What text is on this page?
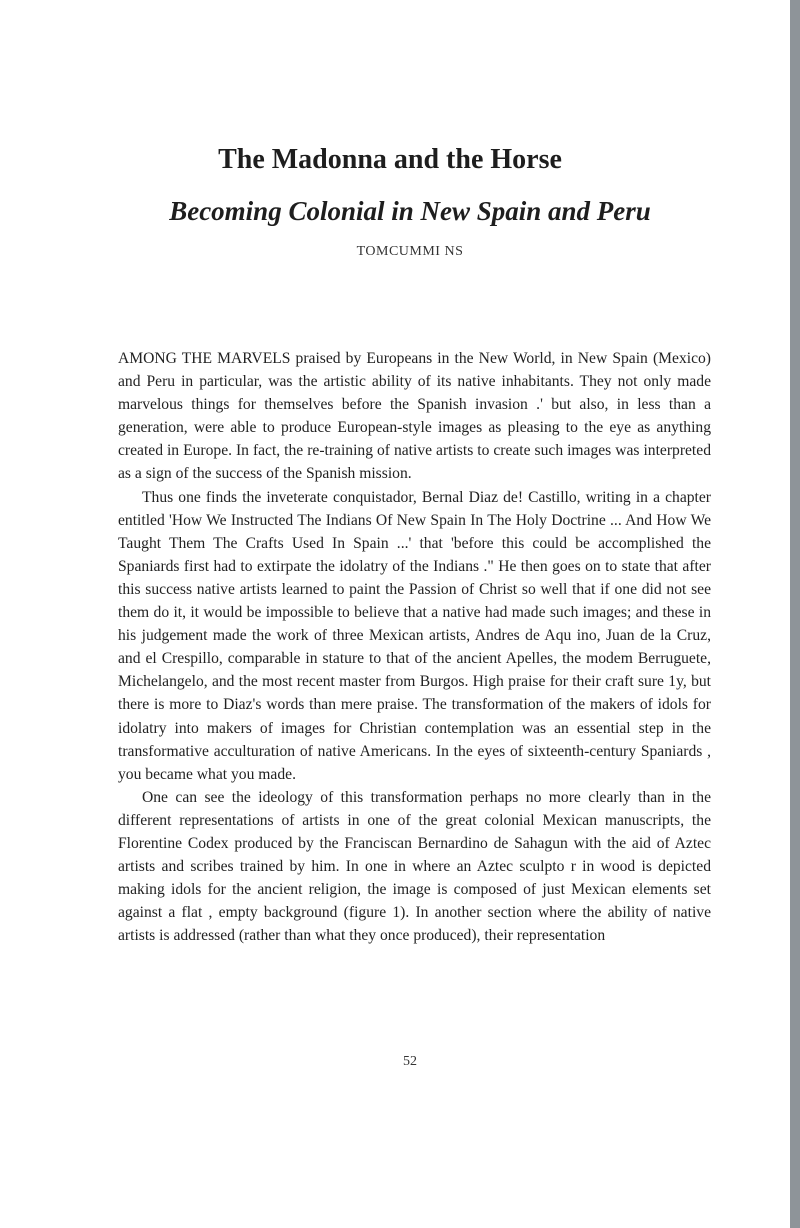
The Madonna and the Horse
Becoming Colonial in New Spain and Peru
TOMCUMMI NS

AMONG THE MARVELS praised by Europeans in the New World, in New Spain (Mexico) and Peru in particular, was the artistic ability of its native inhabitants. They not only made marvelous things for themselves before the Spanish invasion .' but also, in less than a generation, were able to produce European-style images as pleasing to the eye as anything created in Europe. In fact, the re-training of native artists to create such images was interpreted as a sign of the success of the Spanish mission.

Thus one finds the inveterate conquistador, Bernal Diaz de! Castillo, writing in a chapter entitled 'How We Instructed The Indians Of New Spain In The Holy Doctrine ... And How We Taught Them The Crafts Used In Spain ...' that 'before this could be accomplished the Spaniards first had to extirpate the idolatry of the Indians ." He then goes on to state that after this success native artists learned to paint the Passion of Christ so well that if one did not see them do it, it would be impossible to believe that a native had made such images; and these in his judgement made the work of three Mexican artists, Andres de Aqu ino, Juan de la Cruz, and el Crespillo, comparable in stature to that of the ancient Apelles, the modem Berruguete, Michelangelo, and the most recent master from Burgos. High praise for their craft sure 1y, but there is more to Diaz's words than mere praise. The transformation of the makers of idols for idolatry into makers of images for Christian contemplation was an essential step in the transformative acculturation of native Americans. In the eyes of sixteenth-century Spaniards , you became what you made.

One can see the ideology of this transformation perhaps no more clearly than in the different representations of artists in one of the great colonial Mexican manuscripts, the Florentine Codex produced by the Franciscan Bernardino de Sahagun with the aid of Aztec artists and scribes trained by him. In one in where an Aztec sculpto r in wood is depicted making idols for the ancient religion, the image is composed of just Mexican elements set against a flat , empty background (figure 1). In another section where the ability of native artists is addressed (rather than what they once produced), their representation

52
